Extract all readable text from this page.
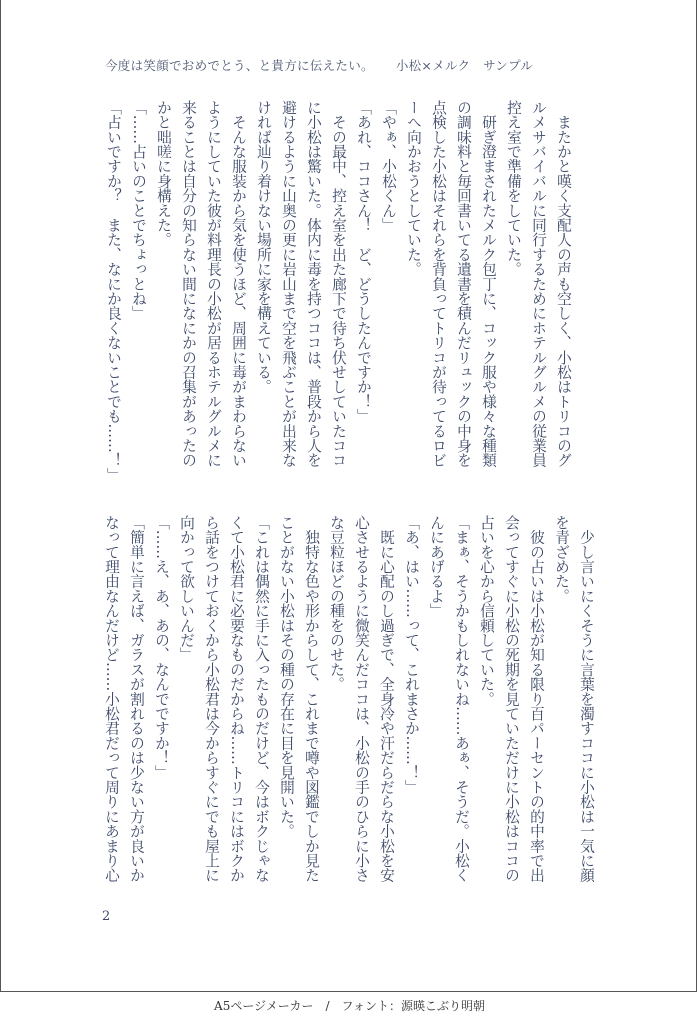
今度は笑顔でおめでとう、と貴方に伝えたい。 小松×メルク　サンプル
　またかと嘆く支配人の声も空しく、小松はトリコのグ
ルメサバイバルに同行するためにホテルグルメの従業員
控え室で準備をしていた。
　研ぎ澄まされたメルク包丁に、コック服や様々な種類
の調味料と毎回書いてる遺書を積んだリュックの中身を
点検した小松はそれらを背負ってトリコが待ってるロビ
ーへ向かおうとしていた。
「やぁ、小松くん」
「あれ、ココさん！　ど、どうしたんですか！」
　その最中、控え室を出た廊下で待ち伏せしていたココ
に小松は驚いた。体内に毒を持つココは、普段から人を
避けるように山奥の更に岩山まで空を飛ぶことが出来な
ければ辿り着けない場所に家を構えている。
　そんな服装から気を使うほど、周囲に毒がまわらない
ようにしていた彼が料理長の小松が居るホテルグルメに
来ることは自分の知らない間になにかの召集があったの
かと咄嗟に身構えた。
「……占いのことでちょっとね」
「占いですか？　また、なにか良くないことでも……！」
　少し言いにくそうに言葉を濁すココに小松は一気に顔
を青ざめた。
　彼の占いは小松が知る限り百パーセントの的中率で出
会ってすぐに小松の死期を見ていただけに小松はココの
占いを心から信頼していた。
「まぁ、そうかもしれないね……あぁ、そうだ。小松く
んにあげるよ」
「あ、はい……って、これまさか……！」
　既に心配のし過ぎで、全身冷や汗だらだらな小松を安
心させるように微笑んだココは、小松の手のひらに小さ
な豆粒ほどの種をのせた。
　独特な色や形からして、これまで噂や図鑑でしか見た
ことがない小松はその種の存在に目を見開いた。
「これは偶然に手に入ったものだけど、今はボクじゃな
くて小松君に必要なものだからね……トリコにはボクか
ら話をつけておくから小松君は今からすぐにでも屋上に
向かって欲しいんだ」
「……え、あ、あの、なんでですか！」
「簡単に言えば、ガラスが割れるのは少ない方が良いか
なって理由なんだけど……小松君だって周りにあまり心
2
A5ページメーカー　/　フォント：源暎こぶり明朝
